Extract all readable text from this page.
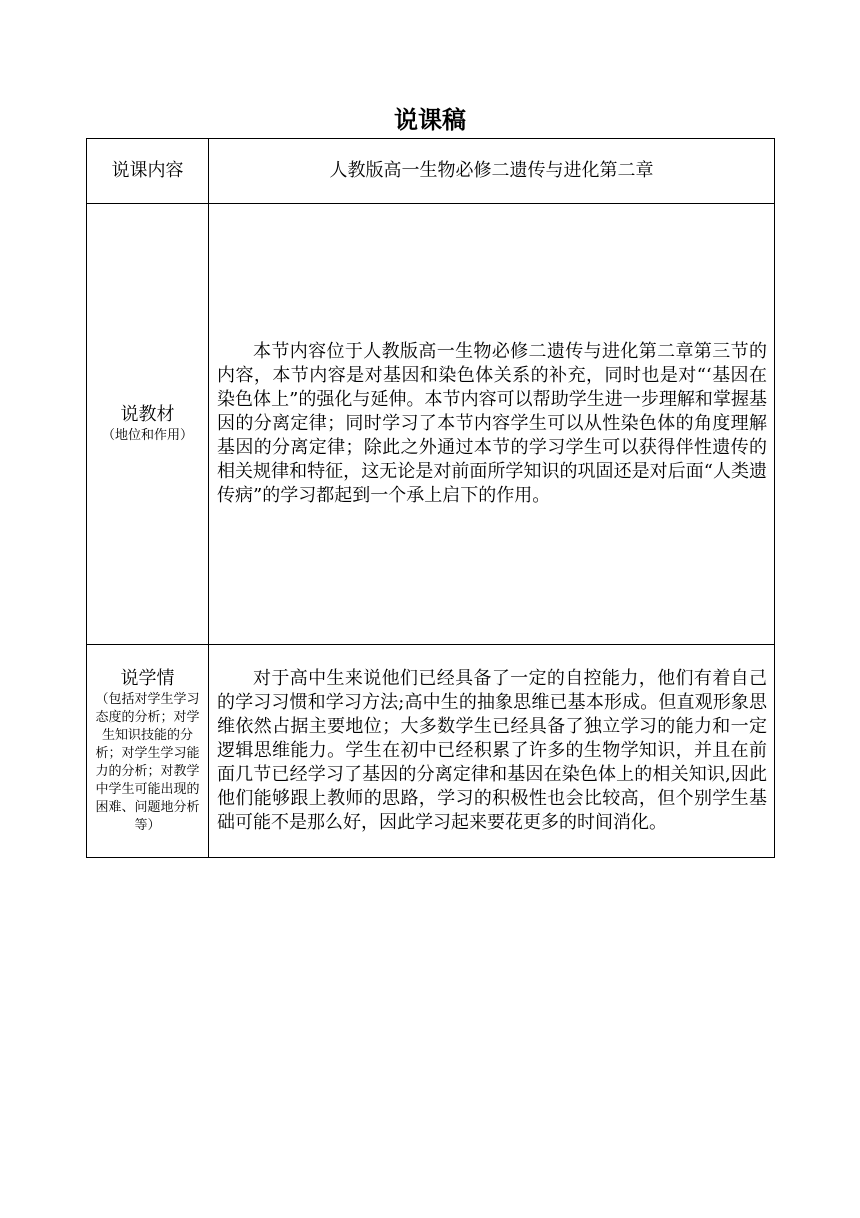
说课稿
说课内容	人教版高一生物必修二遗传与进化第二章

说教材
（地位和作用）	本节内容位于人教版高一生物必修二遗传与进化第二章第三节的内容，本节内容是对基因和染色体关系的补充，同时也是对“‘基因在染色体上”的强化与延伸。本节内容可以帮助学生进一步理解和掌握基因的分离定律；同时学习了本节内容学生可以从性染色体的角度理解基因的分离定律；除此之外通过本节的学习学生可以获得伴性遗传的相关规律和特征，这无论是对前面所学知识的巩固还是对后面“人类遗传病”的学习都起到一个承上启下的作用。

说学情
（包括对学生学习态度的分析；对学生知识技能的分析；对学生学习能力的分析；对教学中学生可能出现的困难、问题地分析等）	对于高中生来说他们已经具备了一定的自控能力，他们有着自己的学习习惯和学习方法;高中生的抽象思维已基本形成。但直观形象思维依然占据主要地位；大多数学生已经具备了独立学习的能力和一定逻辑思维能力。学生在初中已经积累了许多的生物学知识，并且在前面几节已经学习了基因的分离定律和基因在染色体上的相关知识,因此他们能够跟上教师的思路，学习的积极性也会比较高，但个别学生基础可能不是那么好，因此学习起来要花更多的时间消化。
